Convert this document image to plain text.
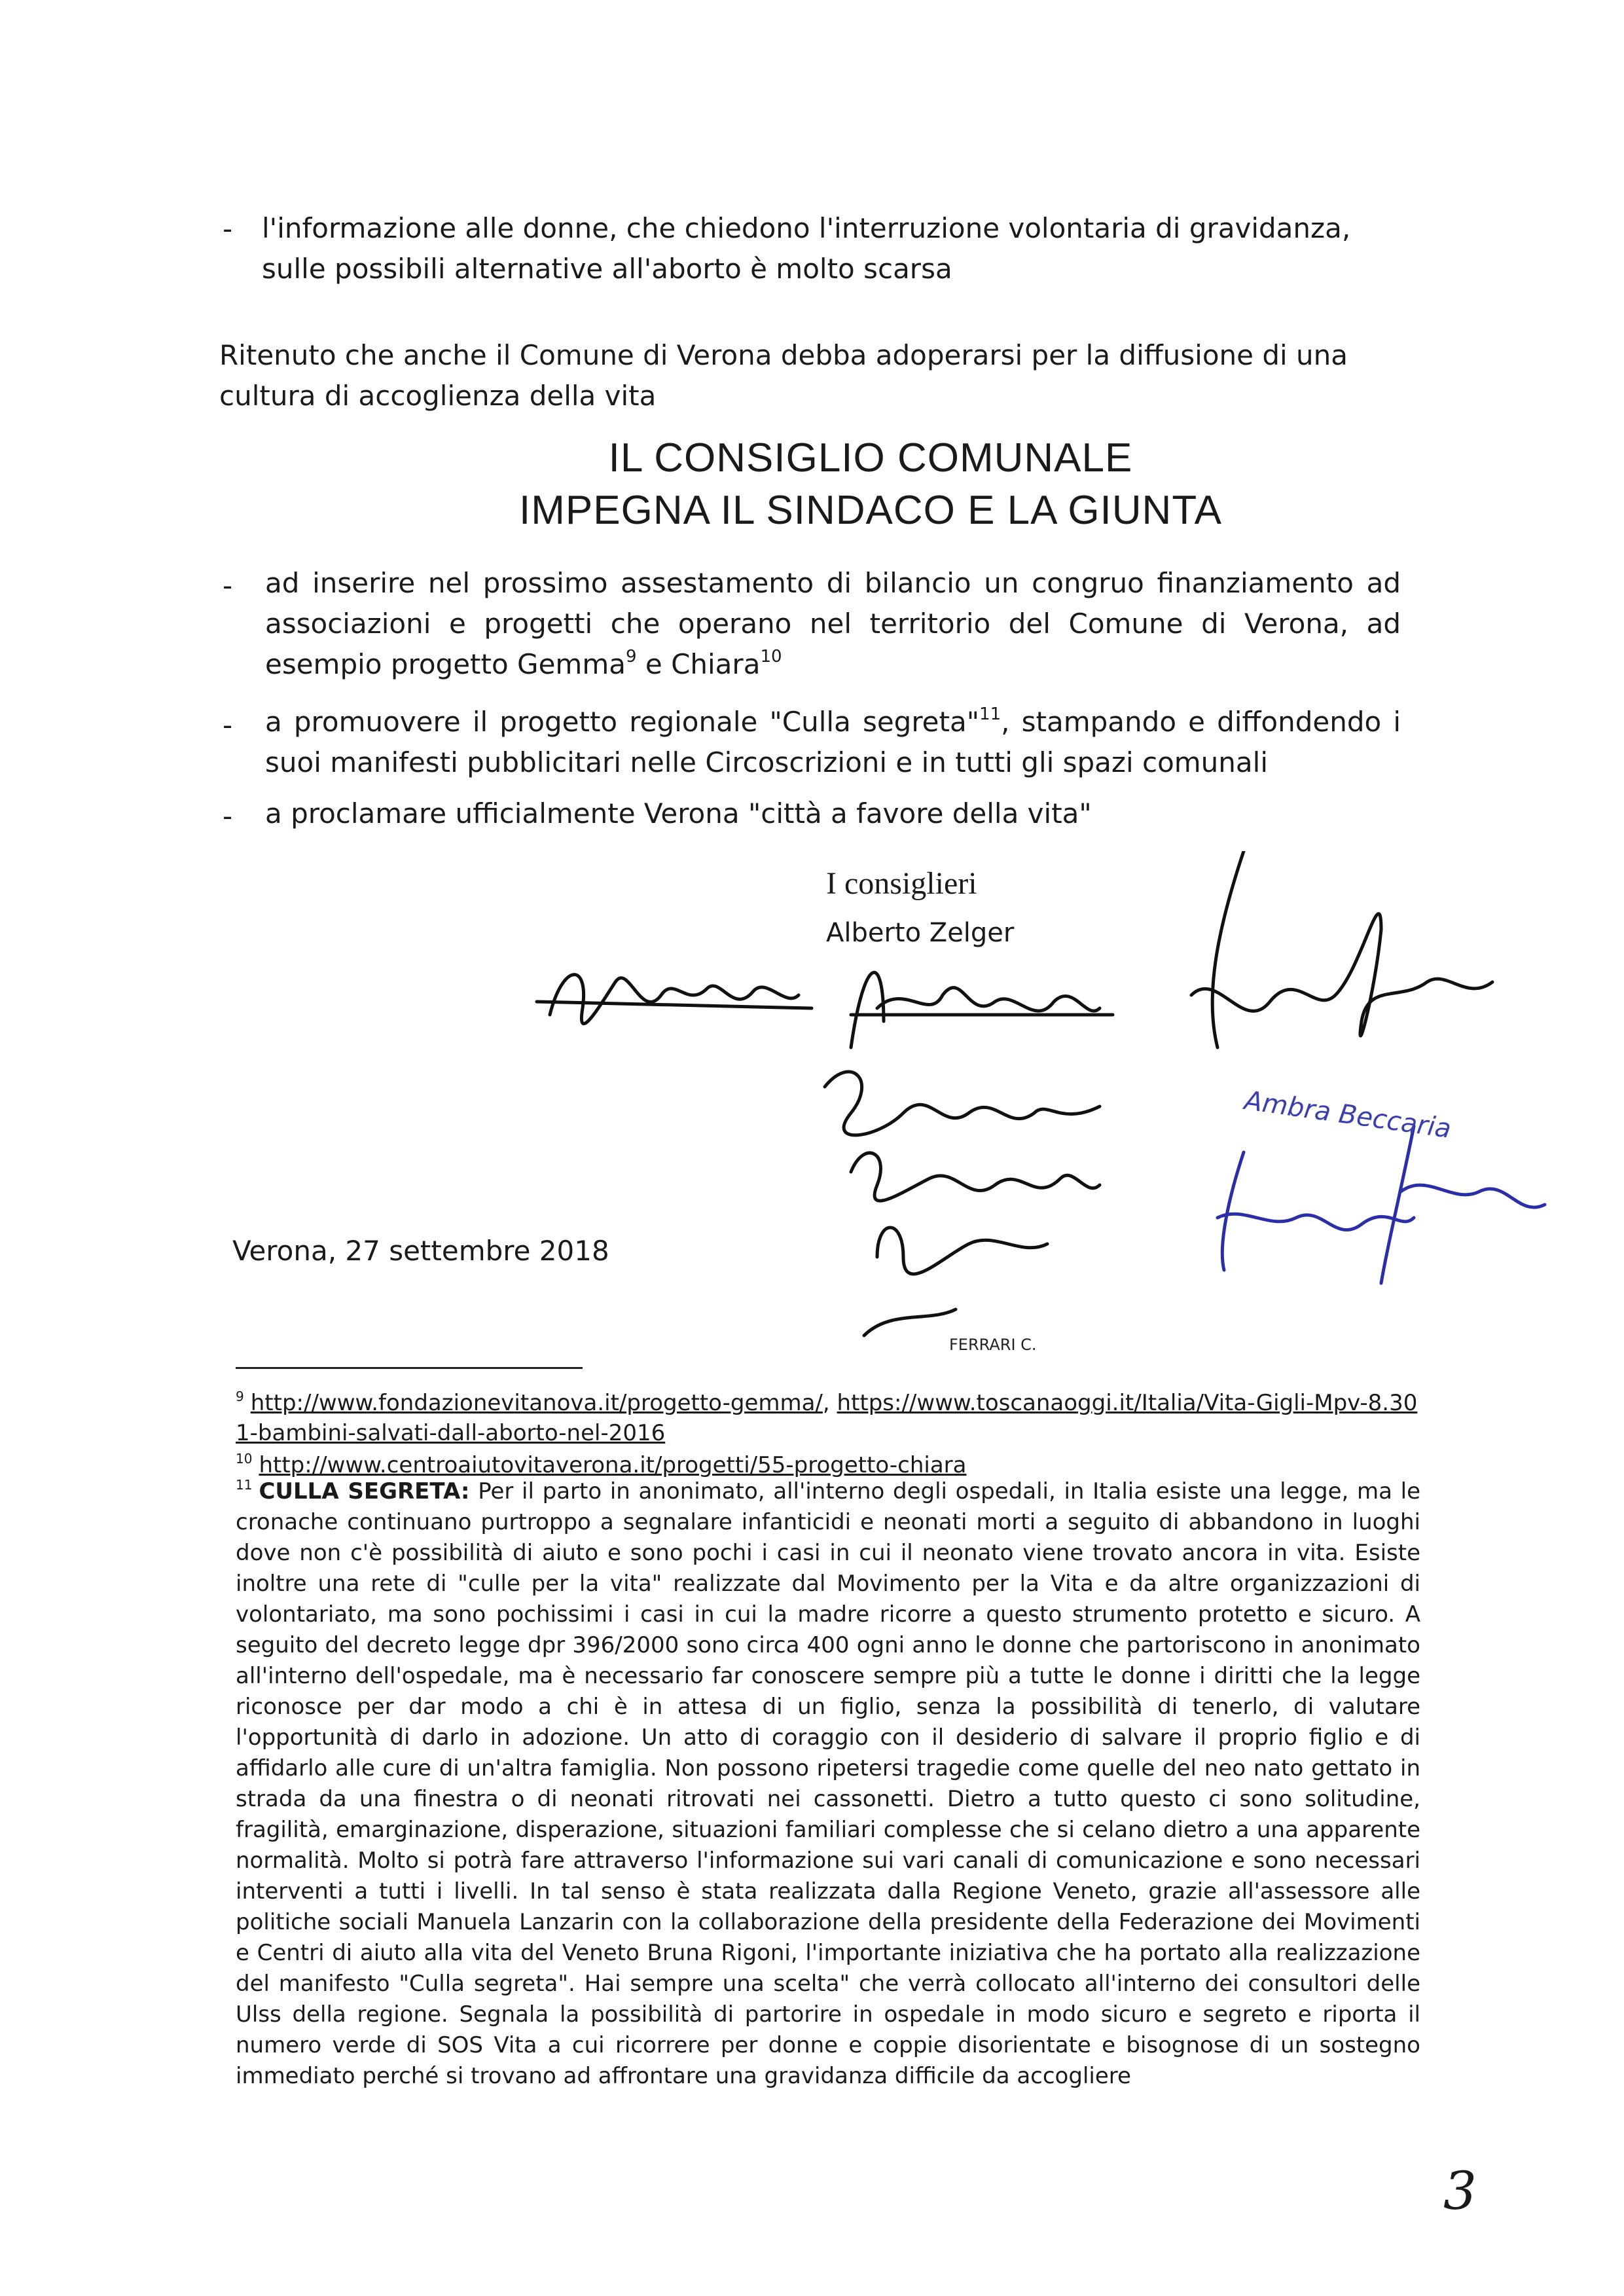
- l'informazione alle donne, che chiedono l'interruzione volontaria di gravidanza, sulle possibili alternative all'aborto è molto scarsa
Ritenuto che anche il Comune di Verona debba adoperarsi per la diffusione di una cultura di accoglienza della vita
IL CONSIGLIO COMUNALE
IMPEGNA IL SINDACO E LA GIUNTA
- ad inserire nel prossimo assestamento di bilancio un congruo finanziamento ad associazioni e progetti che operano nel territorio del Comune di Verona, ad esempio progetto Gemma$^9$ e Chiara$^{10}$
- a promuovere il progetto regionale "Culla segreta"$^{11}$, stampando e diffondendo i suoi manifesti pubblicitari nelle Circoscrizioni e in tutti gli spazi comunali
- a proclamare ufficialmente Verona "città a favore della vita"
I consiglieri
Alberto Zelger
Ambra Beccaria
FERRARI C.
Verona, 27 settembre 2018
$^9$ http://www.fondazionevitanova.it/progetto-gemma/, https://www.toscanaoggi.it/Italia/Vita-Gigli-Mpv-8.301-bambini-salvati-dall-aborto-nel-2016
$^{10}$ http://www.centroaiutovitaverona.it/progetti/55-progetto-chiara
$^{11}$ CULLA SEGRETA: Per il parto in anonimato, all'interno degli ospedali, in Italia esiste una legge, ma le cronache continuano purtroppo a segnalare infanticidi e neonati morti a seguito di abbandono in luoghi dove non c'è possibilità di aiuto e sono pochi i casi in cui il neonato viene trovato ancora in vita. Esiste inoltre una rete di "culle per la vita" realizzate dal Movimento per la Vita e da altre organizzazioni di volontariato, ma sono pochissimi i casi in cui la madre ricorre a questo strumento protetto e sicuro. A seguito del decreto legge dpr 396/2000 sono circa 400 ogni anno le donne che partoriscono in anonimato all'interno dell'ospedale, ma è necessario far conoscere sempre più a tutte le donne i diritti che la legge riconosce per dar modo a chi è in attesa di un figlio, senza la possibilità di tenerlo, di valutare l'opportunità di darlo in adozione. Un atto di coraggio con il desiderio di salvare il proprio figlio e di affidarlo alle cure di un'altra famiglia. Non possono ripetersi tragedie come quelle del neo nato gettato in strada da una finestra o di neonati ritrovati nei cassonetti. Dietro a tutto questo ci sono solitudine, fragilità, emarginazione, disperazione, situazioni familiari complesse che si celano dietro a una apparente normalità. Molto si potrà fare attraverso l'informazione sui vari canali di comunicazione e sono necessari interventi a tutti i livelli. In tal senso è stata realizzata dalla Regione Veneto, grazie all'assessore alle politiche sociali Manuela Lanzarin con la collaborazione della presidente della Federazione dei Movimenti e Centri di aiuto alla vita del Veneto Bruna Rigoni, l'importante iniziativa che ha portato alla realizzazione del manifesto "Culla segreta". Hai sempre una scelta" che verrà collocato all'interno dei consultori delle Ulss della regione. Segnala la possibilità di partorire in ospedale in modo sicuro e segreto e riporta il numero verde di SOS Vita a cui ricorrere per donne e coppie disorientate e bisognose di un sostegno immediato perché si trovano ad affrontare una gravidanza difficile da accogliere
3
